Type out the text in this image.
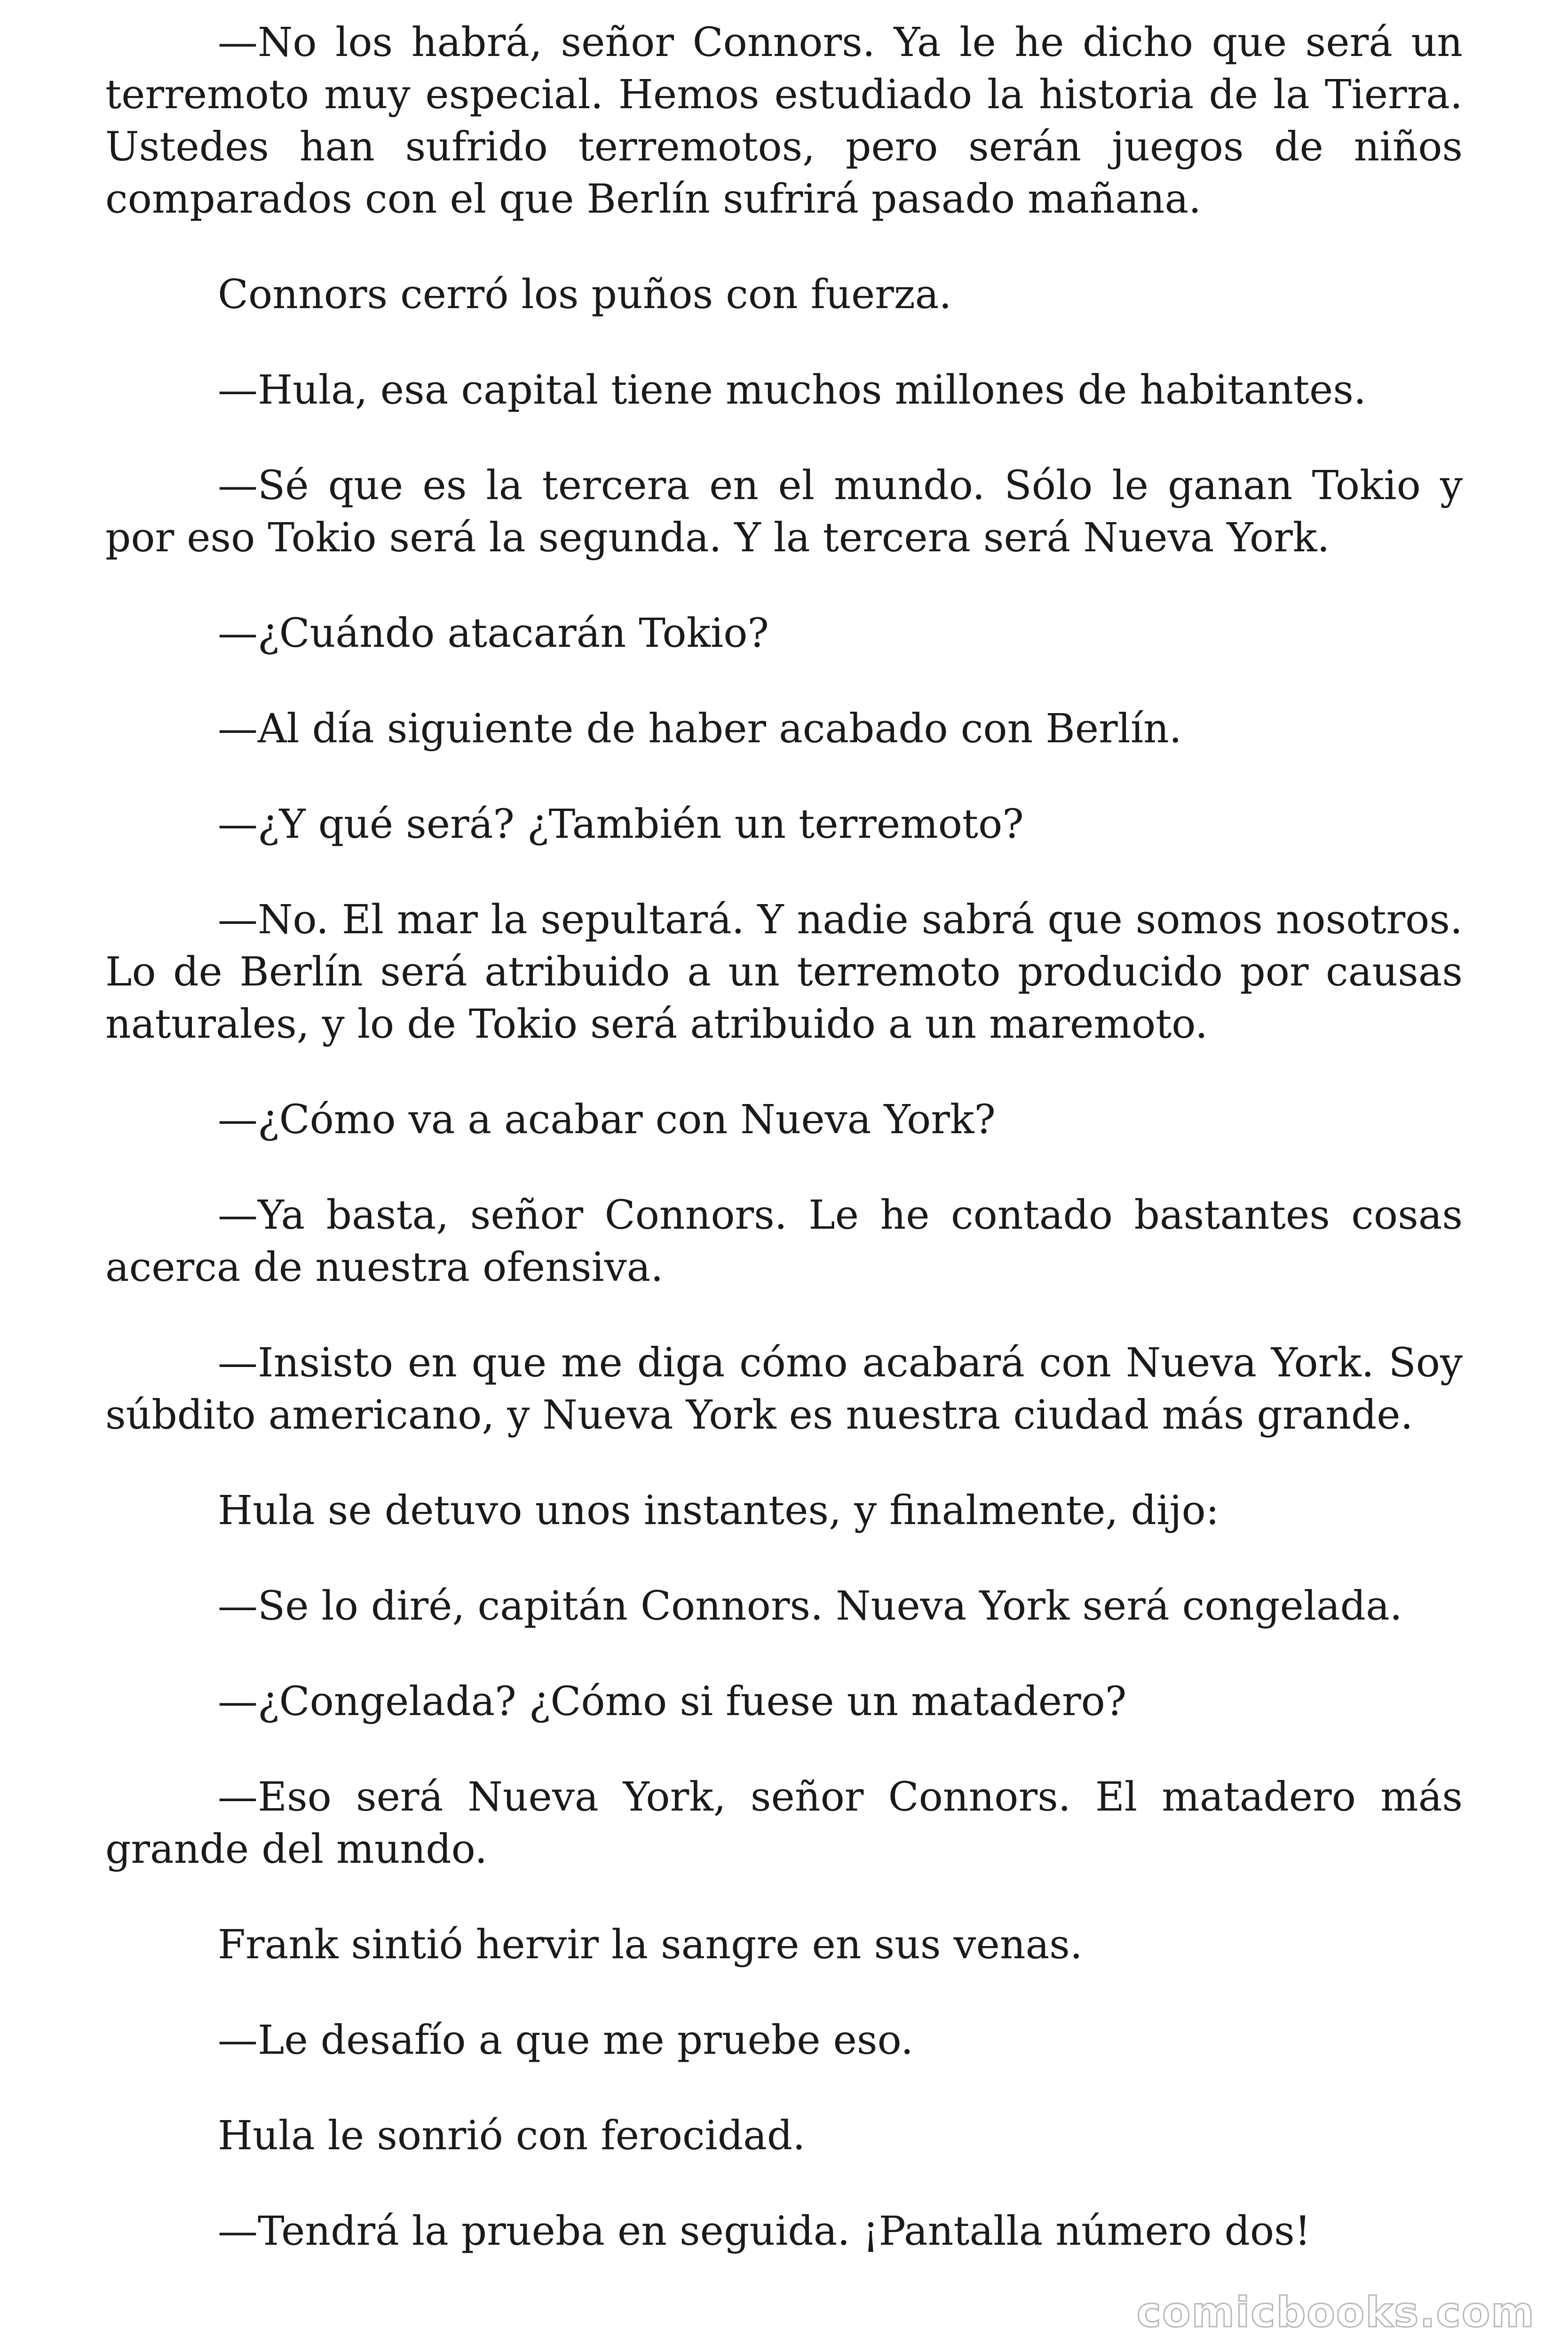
—No los habrá, señor Connors. Ya le he dicho que será un terremoto muy especial. Hemos estudiado la historia de la Tierra. Ustedes han sufrido terremotos, pero serán juegos de niños comparados con el que Berlín sufrirá pasado mañana.

Connors cerró los puños con fuerza.

—Hula, esa capital tiene muchos millones de habitantes.

—Sé que es la tercera en el mundo. Sólo le ganan Tokio y por eso Tokio será la segunda. Y la tercera será Nueva York.

—¿Cuándo atacarán Tokio?

—Al día siguiente de haber acabado con Berlín.

—¿Y qué será? ¿También un terremoto?

—No. El mar la sepultará. Y nadie sabrá que somos nosotros. Lo de Berlín será atribuido a un terremoto producido por causas naturales, y lo de Tokio será atribuido a un maremoto.

—¿Cómo va a acabar con Nueva York?

—Ya basta, señor Connors. Le he contado bastantes cosas acerca de nuestra ofensiva.

—Insisto en que me diga cómo acabará con Nueva York. Soy súbdito americano, y Nueva York es nuestra ciudad más grande.

Hula se detuvo unos instantes, y finalmente, dijo:

—Se lo diré, capitán Connors. Nueva York será congelada.

—¿Congelada? ¿Cómo si fuese un matadero?

—Eso será Nueva York, señor Connors. El matadero más grande del mundo.

Frank sintió hervir la sangre en sus venas.

—Le desafío a que me pruebe eso.

Hula le sonrió con ferocidad.

—Tendrá la prueba en seguida. ¡Pantalla número dos!

comicbooks.com
